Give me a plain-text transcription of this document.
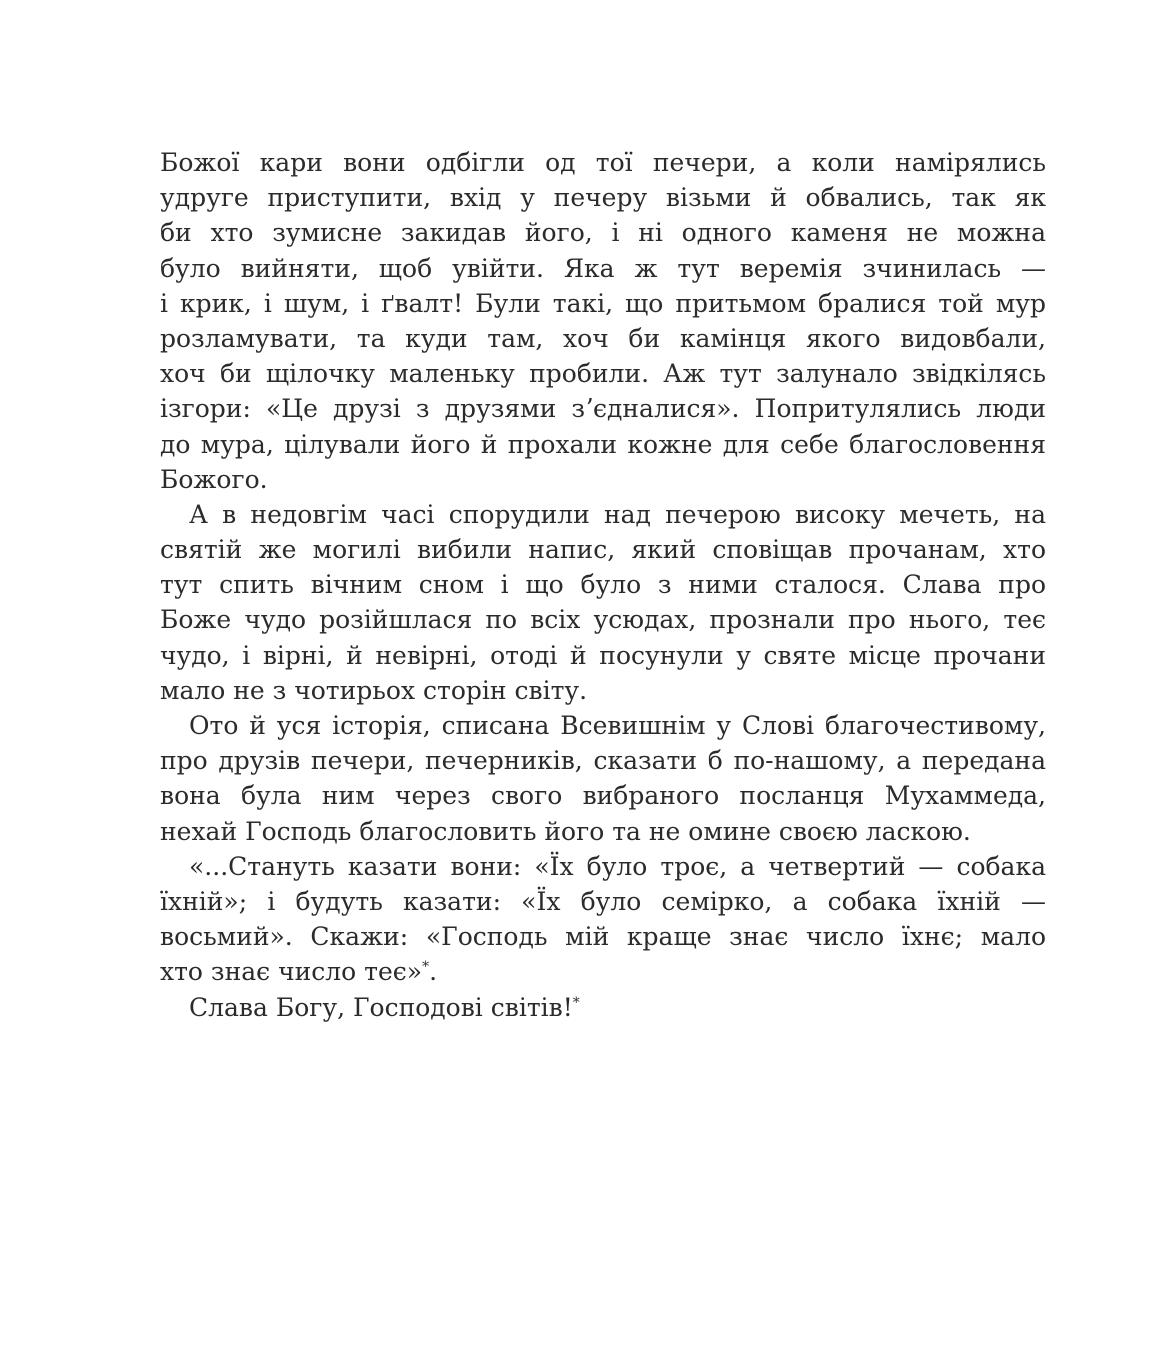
Божої кари вони одбігли од тої печери, а коли намірялись
удруге приступити, вхід у печеру візьми й обвались, так як
би хто зумисне закидав його, і ні одного каменя не можна
було вийняти, щоб увійти. Яка ж тут веремія зчинилась —
і крик, і шум, і ґвалт! Були такі, що притьмом бралися той мур
розламувати, та куди там, хоч би камінця якого видовбали,
хоч би щілочку маленьку пробили. Аж тут залунало звідкілясь
ізгори: «Це друзі з друзями зʼєдналися». Попритулялись люди
до мура, цілували його й прохали кожне для себе благословення
Божого.
А в недовгім часі спорудили над печерою високу мечеть, на
святій же могилі вибили напис, який сповіщав прочанам, хто
тут спить вічним сном і що було з ними сталося. Слава про
Боже чудо розійшлася по всіх усюдах, прознали про нього, теє
чудо, і вірні, й невірні, отоді й посунули у святе місце прочани
мало не з чотирьох сторін світу.
Ото й уся історія, списана Всевишнім у Слові благочестивому,
про друзів печери, печерників, сказати б по-нашому, а передана
вона була ним через свого вибраного посланця Мухаммеда,
нехай Господь благословить його та не омине своєю ласкою.
«...Стануть казати вони: «Їх було троє, а четвертий — собака
їхній»; і будуть казати: «Їх було семірко, а собака їхній —
восьмий». Скажи: «Господь мій краще знає число їхнє; мало
хто знає число теє»*.
Слава Богу, Господові світів!*
